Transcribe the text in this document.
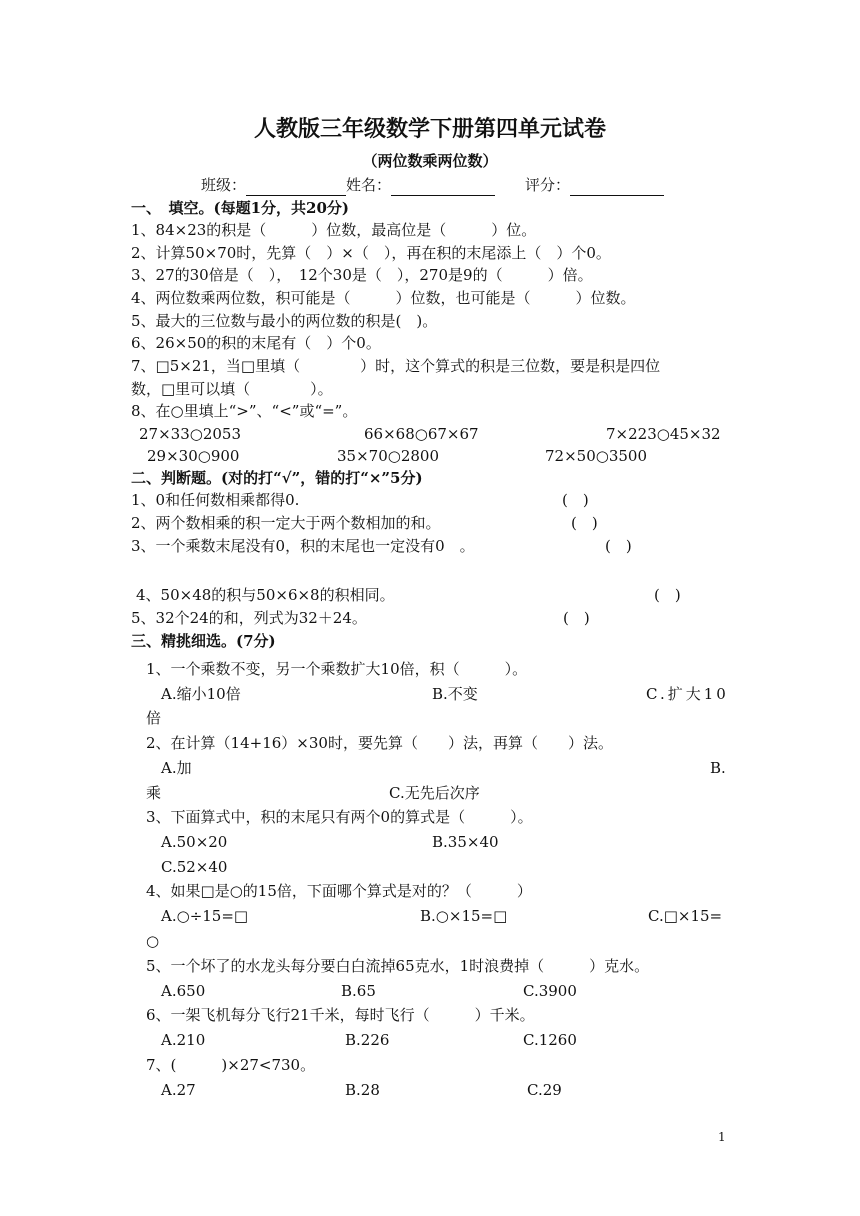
人教版三年级数学下册第四单元试卷
（两位数乘两位数）
班级：	姓名：	评分：
一、　填空。(每题1分，共20分)
1、84×23的积是（　　　）位数，最高位是（　　　）位。
2、计算50×70时，先算（　）×（　），再在积的末尾添上（　）个0。
3、27的30倍是（　），　12个30是（　），270是9的（　　　）倍。
4、两位数乘两位数，积可能是（　　　）位数，也可能是（　　　）位数。
5、最大的三位数与最小的两位数的积是(　)。
6、26×50的积的末尾有（　）个0。
7、□5×21，当□里填（　　　　）时，这个算式的积是三位数，要是积是四位
数，□里可以填（　　　　）。
8、在○里填上“>”、“<”或“=”。
27×33○2053	66×68○67×67	7×223○45×32
29×30○900	35×70○2800	72×50○3500
二、判断题。(对的打“√”，错的打“×”5分)
1、0和任何数相乘都得0.	(　)
2、两个数相乘的积一定大于两个数相加的和。	(　)
3、一个乘数末尾没有0，积的末尾也一定没有0　。	(　)
4、50×48的积与50×6×8的积相同。	(　)
5、32个24的和，列式为32＋24。	(　)
三、精挑细选。(7分)
1、一个乘数不变，另一个乘数扩大10倍，积（　　　）。
A.缩小10倍	B.不变	C.扩大10
倍
2、在计算（14+16）×30时，要先算（　　）法，再算（　　）法。
A.加	B.
乘	C.无先后次序
3、下面算式中，积的末尾只有两个0的算式是（　　　）。
A.50×20	B.35×40
C.52×40
4、如果□是○的15倍，下面哪个算式是对的？（　　　）
A.○÷15=□	B.○×15=□	C.□×15=
○
5、一个坏了的水龙头每分要白白流掉65克水，1时浪费掉（　　　）克水。
A.650	B.65	C.3900
6、一架飞机每分飞行21千米，每时飞行（　　　）千米。
A.210	B.226	C.1260
7、(　　　)×27<730。
A.27	B.28	C.29
1
